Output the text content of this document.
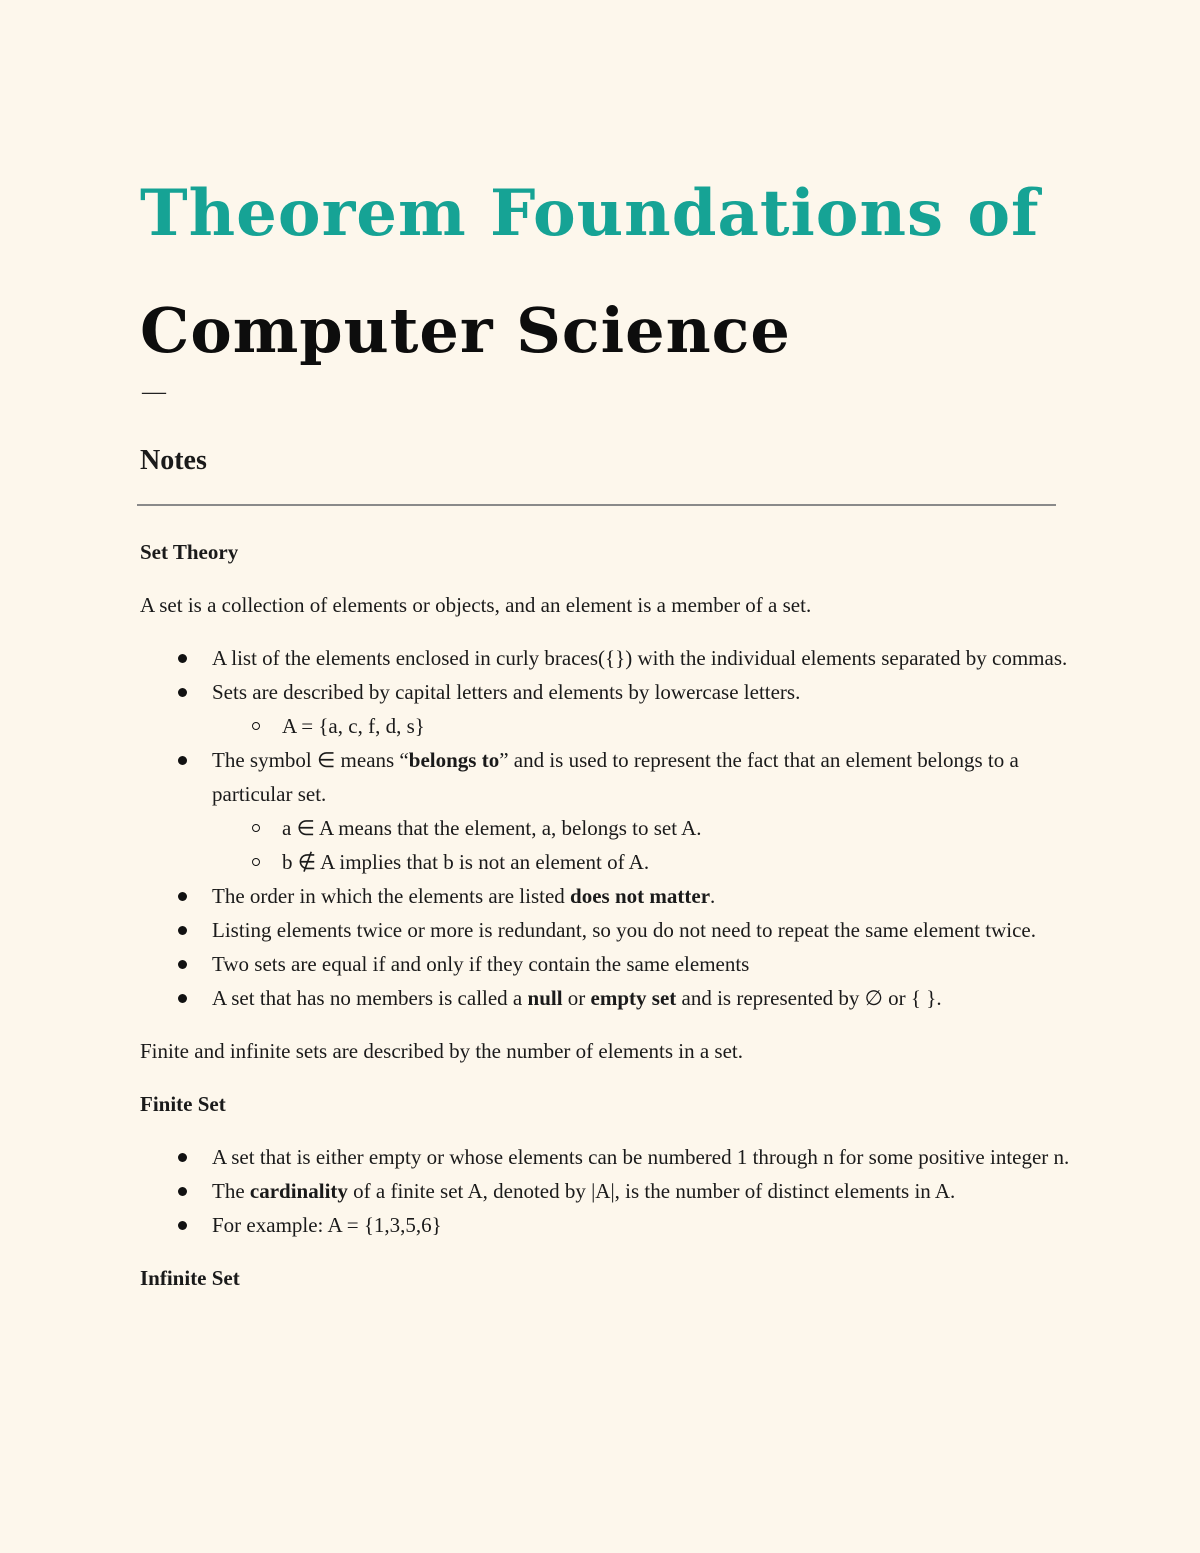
Theorem Foundations of
Computer Science
—
Notes
Set Theory

A set is a collection of elements or objects, and an element is a member of a set.

A list of the elements enclosed in curly braces({}) with the individual elements separated by commas.
Sets are described by capital letters and elements by lowercase letters.
A = {a, c, f, d, s}
The symbol ∈ means “belongs to” and is used to represent the fact that an element belongs to a particular set.
a ∈ A means that the element, a, belongs to set A.
b ∉ A implies that b is not an element of A.
The order in which the elements are listed does not matter.
Listing elements twice or more is redundant, so you do not need to repeat the same element twice.
Two sets are equal if and only if they contain the same elements
A set that has no members is called a null or empty set and is represented by ∅ or { }.

Finite and infinite sets are described by the number of elements in a set.

Finite Set
A set that is either empty or whose elements can be numbered 1 through n for some positive integer n.
The cardinality of a finite set A, denoted by |A|, is the number of distinct elements in A.
For example: A = {1,3,5,6}
Infinite Set
